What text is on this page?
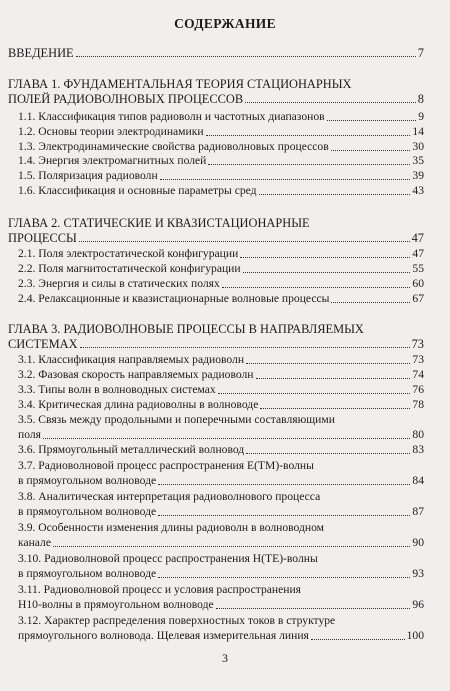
СОДЕРЖАНИЕ
ВВЕДЕНИЕ	7
ГЛАВА 1. ФУНДАМЕНТАЛЬНАЯ ТЕОРИЯ СТАЦИОНАРНЫХ
ПОЛЕЙ РАДИОВОЛНОВЫХ ПРОЦЕССОВ	8
1.1. Классификация типов радиоволн и частотных диапазонов	9
1.2. Основы теории электродинамики	14
1.3. Электродинамические свойства радиоволновых процессов	30
1.4. Энергия электромагнитных полей	35
1.5. Поляризация радиоволн	39
1.6. Классификация и основные параметры сред	43
ГЛАВА 2. СТАТИЧЕСКИЕ И КВАЗИСТАЦИОНАРНЫЕ
ПРОЦЕССЫ	47
2.1. Поля электростатической конфигурации	47
2.2. Поля магнитостатической конфигурации	55
2.3. Энергия и силы в статических полях	60
2.4. Релаксационные и квазистационарные волновые процессы	67
ГЛАВА 3. РАДИОВОЛНОВЫЕ ПРОЦЕССЫ В НАПРАВЛЯЕМЫХ
СИСТЕМАХ	73
3.1. Классификация направляемых радиоволн	73
3.2. Фазовая скорость направляемых радиоволн	74
3.3. Типы волн в волноводных системах	76
3.4. Критическая длина радиоволны в волноводе	78
3.5. Связь между продольными и поперечными составляющими
поля	80
3.6. Прямоугольный металлический волновод	83
3.7. Радиоволновой процесс распространения E(TM)-волны
в прямоугольном волноводе	84
3.8. Аналитическая интерпретация радиоволнового процесса
в прямоугольном волноводе	87
3.9. Особенности изменения длины радиоволн в волноводном
канале	90
3.10. Радиоволновой процесс распространения H(TE)-волны
в прямоугольном волноводе	93
3.11. Радиоволновой процесс и условия распространения
H10-волны в прямоугольном волноводе	96
3.12. Характер распределения поверхностных токов в структуре
прямоугольного волновода. Щелевая измерительная линия	100
3
